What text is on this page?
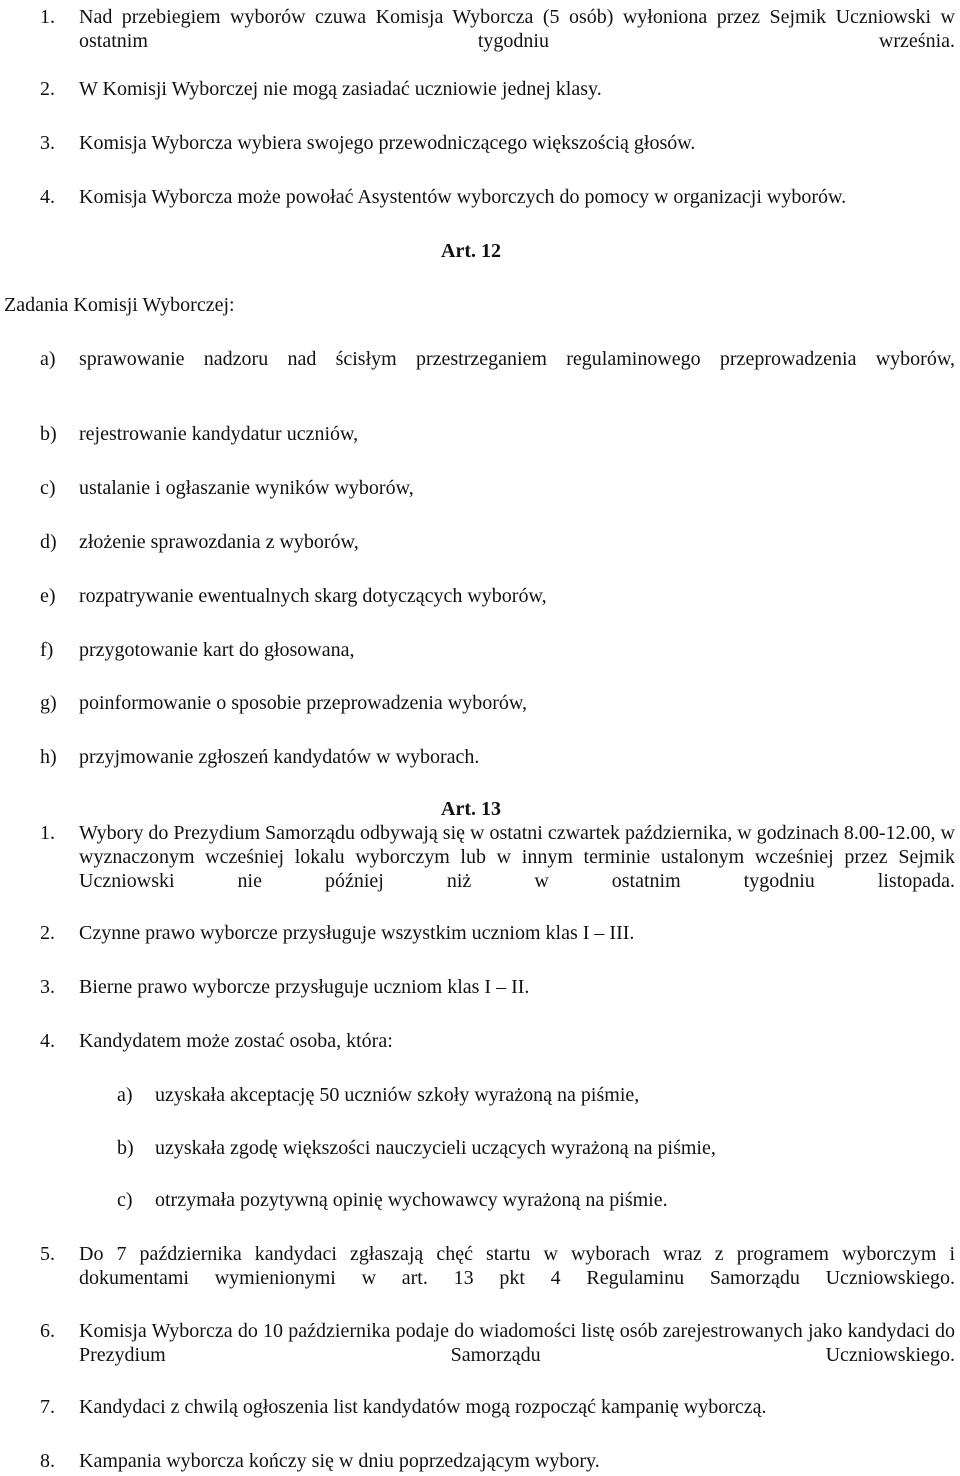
1. Nad przebiegiem wyborów czuwa Komisja Wyborcza (5 osób) wyłoniona przez Sejmik Uczniowski w ostatnim tygodniu września.
2. W Komisji Wyborczej nie mogą zasiadać uczniowie jednej klasy.
3. Komisja Wyborcza wybiera swojego przewodniczącego większością głosów.
4. Komisja Wyborcza może powołać Asystentów wyborczych do pomocy w organizacji wyborów.
Art. 12
Zadania Komisji Wyborczej:
a) sprawowanie nadzoru nad ścisłym przestrzeganiem regulaminowego przeprowadzenia wyborów,
b) rejestrowanie kandydatur uczniów,
c) ustalanie i ogłaszanie wyników wyborów,
d) złożenie sprawozdania z wyborów,
e) rozpatrywanie ewentualnych skarg dotyczących wyborów,
f) przygotowanie kart do głosowana,
g) poinformowanie o sposobie przeprowadzenia wyborów,
h) przyjmowanie zgłoszeń kandydatów w wyborach.
Art. 13
1. Wybory do Prezydium Samorządu odbywają się w ostatni czwartek października, w godzinach 8.00-12.00, w wyznaczonym wcześniej lokalu wyborczym lub w innym terminie ustalonym wcześniej przez Sejmik Uczniowski nie później niż w ostatnim tygodniu listopada.
2. Czynne prawo wyborcze przysługuje wszystkim uczniom klas I – III.
3. Bierne prawo wyborcze przysługuje uczniom klas I – II.
4. Kandydatem może zostać osoba, która:
a) uzyskała akceptację 50 uczniów szkoły wyrażoną na piśmie,
b) uzyskała zgodę większości nauczycieli uczących wyrażoną na piśmie,
c) otrzymała pozytywną opinię wychowawcy wyrażoną na piśmie.
5. Do 7 października kandydaci zgłaszają chęć startu w wyborach wraz z programem wyborczym i dokumentami wymienionymi w art. 13 pkt 4 Regulaminu Samorządu Uczniowskiego.
6. Komisja Wyborcza do 10 października podaje do wiadomości listę osób zarejestrowanych jako kandydaci do Prezydium Samorządu Uczniowskiego.
7. Kandydaci z chwilą ogłoszenia list kandydatów mogą rozpocząć kampanię wyborczą.
8. Kampania wyborcza kończy się w dniu poprzedzającym wybory.
